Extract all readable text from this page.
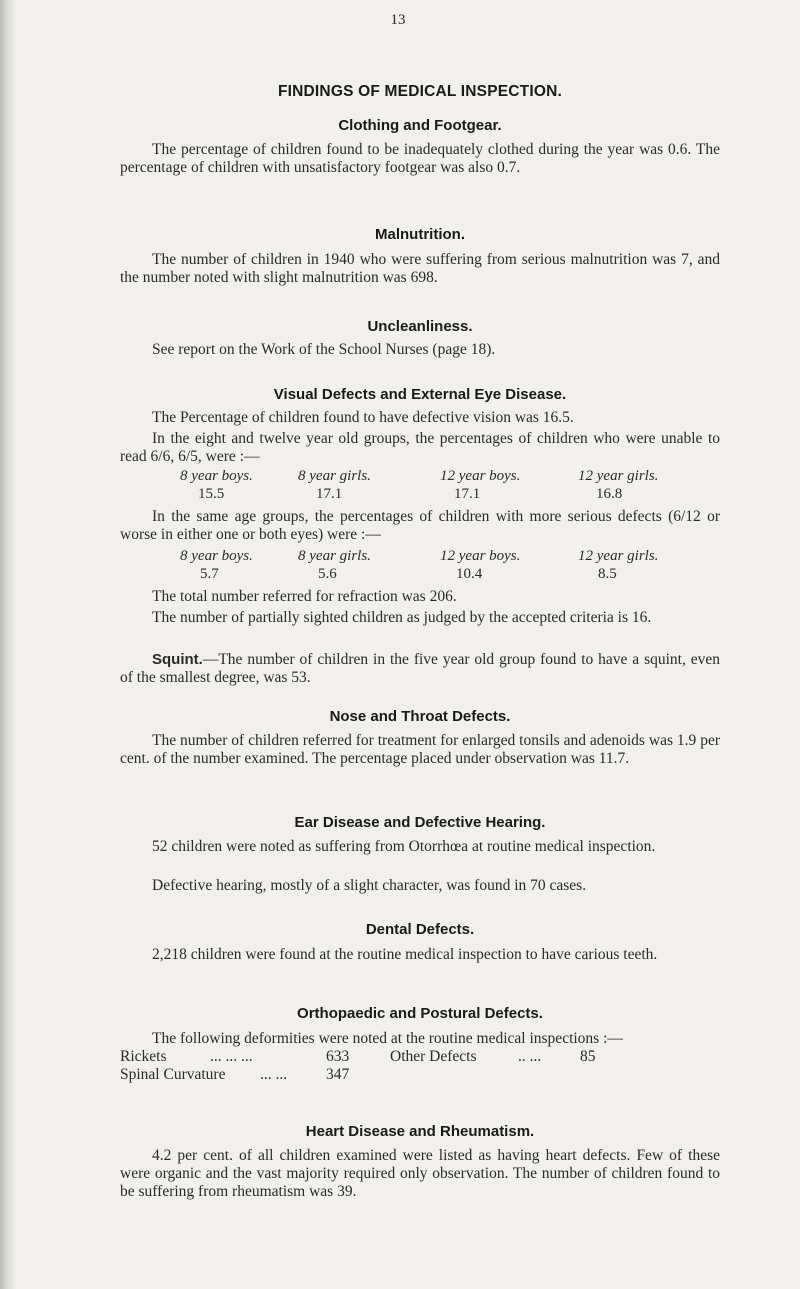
13
FINDINGS OF MEDICAL INSPECTION.
Clothing and Footgear.

The percentage of children found to be inadequately clothed during the year was 0.6. The percentage of children with unsatisfactory footgear was also 0.7.

Malnutrition.

The number of children in 1940 who were suffering from serious malnutrition was 7, and the number noted with slight malnutrition was 698.

Uncleanliness.

See report on the Work of the School Nurses (page 18).

Visual Defects and External Eye Disease.

The Percentage of children found to have defective vision was 16.5.

In the eight and twelve year old groups, the percentages of children who were unable to read 6/6, 6/5, were :—

8 year boys.	8 year girls.	12 year boys.	12 year girls.
15.5	17.1	17.1	16.8

In the same age groups, the percentages of children with more serious defects (6/12 or worse in either one or both eyes) were :—

8 year boys.	8 year girls.	12 year boys.	12 year girls.
5.7	5.6	10.4	8.5

The total number referred for refraction was 206.

The number of partially sighted children as judged by the accepted criteria is 16.

Squint.—The number of children in the five year old group found to have a squint, even of the smallest degree, was 53.

Nose and Throat Defects.

The number of children referred for treatment for enlarged tonsils and adenoids was 1.9 per cent. of the number examined. The percentage placed under observation was 11.7.

Ear Disease and Defective Hearing.

52 children were noted as suffering from Otorrhœa at routine medical inspection.

Defective hearing, mostly of a slight character, was found in 70 cases.

Dental Defects.

2,218 children were found at the routine medical inspection to have carious teeth.

Orthopaedic and Postural Defects.

The following deformities were noted at the routine medical inspections :—

Rickets	... ... ...	633	Other Defects	.. ...	85
Spinal Curvature	... ...	347
Heart Disease and Rheumatism.

4.2 per cent. of all children examined were listed as having heart defects. Few of these were organic and the vast majority required only observation. The number of children found to be suffering from rheumatism was 39.
